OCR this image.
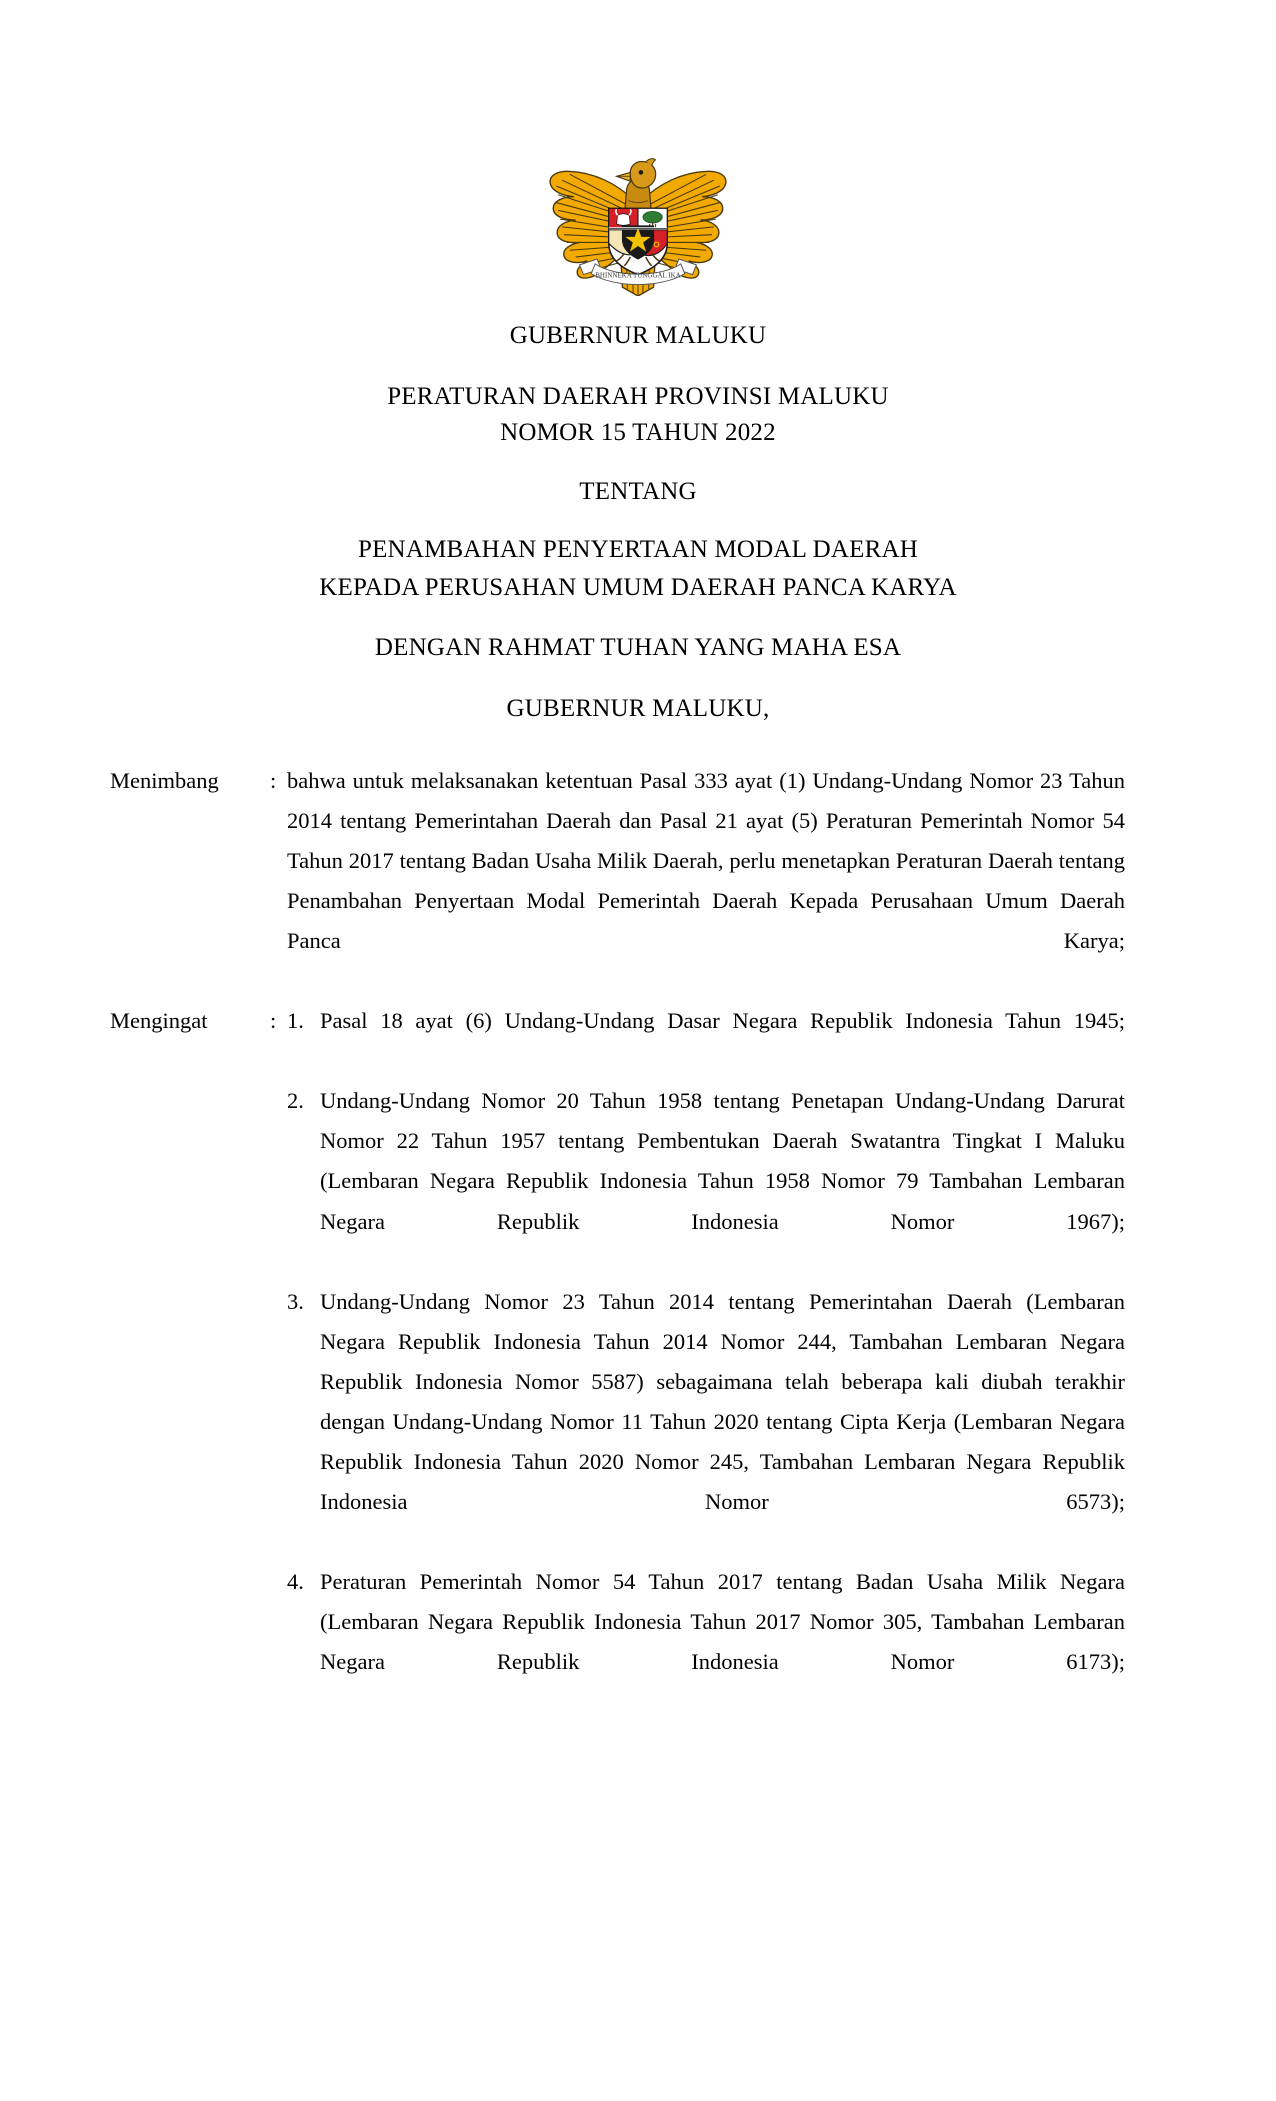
BHINNEKA TUNGGAL IKA
GUBERNUR MALUKU
PERATURAN DAERAH PROVINSI MALUKU
NOMOR 15 TAHUN 2022
TENTANG
PENAMBAHAN PENYERTAAN MODAL DAERAH
KEPADA PERUSAHAN UMUM DAERAH PANCA KARYA
DENGAN RAHMAT TUHAN YANG MAHA ESA
GUBERNUR MALUKU,
Menimbang	: bahwa untuk melaksanakan ketentuan Pasal 333 ayat (1) Undang-Undang Nomor 23 Tahun 2014 tentang Pemerintahan Daerah dan Pasal 21 ayat (5) Peraturan Pemerintah Nomor 54 Tahun 2017 tentang Badan Usaha Milik Daerah, perlu menetapkan Peraturan Daerah tentang Penambahan Penyertaan Modal Pemerintah Daerah Kepada Perusahaan Umum Daerah Panca Karya;

Mengingat	: 1. Pasal 18 ayat (6) Undang-Undang Dasar Negara Republik Indonesia Tahun 1945;
2. Undang-Undang Nomor 20 Tahun 1958 tentang Penetapan Undang-Undang Darurat Nomor 22 Tahun 1957 tentang Pembentukan Daerah Swatantra Tingkat I Maluku (Lembaran Negara Republik Indonesia Tahun 1958 Nomor 79 Tambahan Lembaran Negara Republik Indonesia Nomor 1967);
3. Undang-Undang Nomor 23 Tahun 2014 tentang Pemerintahan Daerah (Lembaran Negara Republik Indonesia Tahun 2014 Nomor 244, Tambahan Lembaran Negara Republik Indonesia Nomor 5587) sebagaimana telah beberapa kali diubah terakhir dengan Undang-Undang Nomor 11 Tahun 2020 tentang Cipta Kerja (Lembaran Negara Republik Indonesia Tahun 2020 Nomor 245, Tambahan Lembaran Negara Republik Indonesia Nomor 6573);
4. Peraturan Pemerintah Nomor 54 Tahun 2017 tentang Badan Usaha Milik Negara (Lembaran Negara Republik Indonesia Tahun 2017 Nomor 305, Tambahan Lembaran Negara Republik Indonesia Nomor 6173);
